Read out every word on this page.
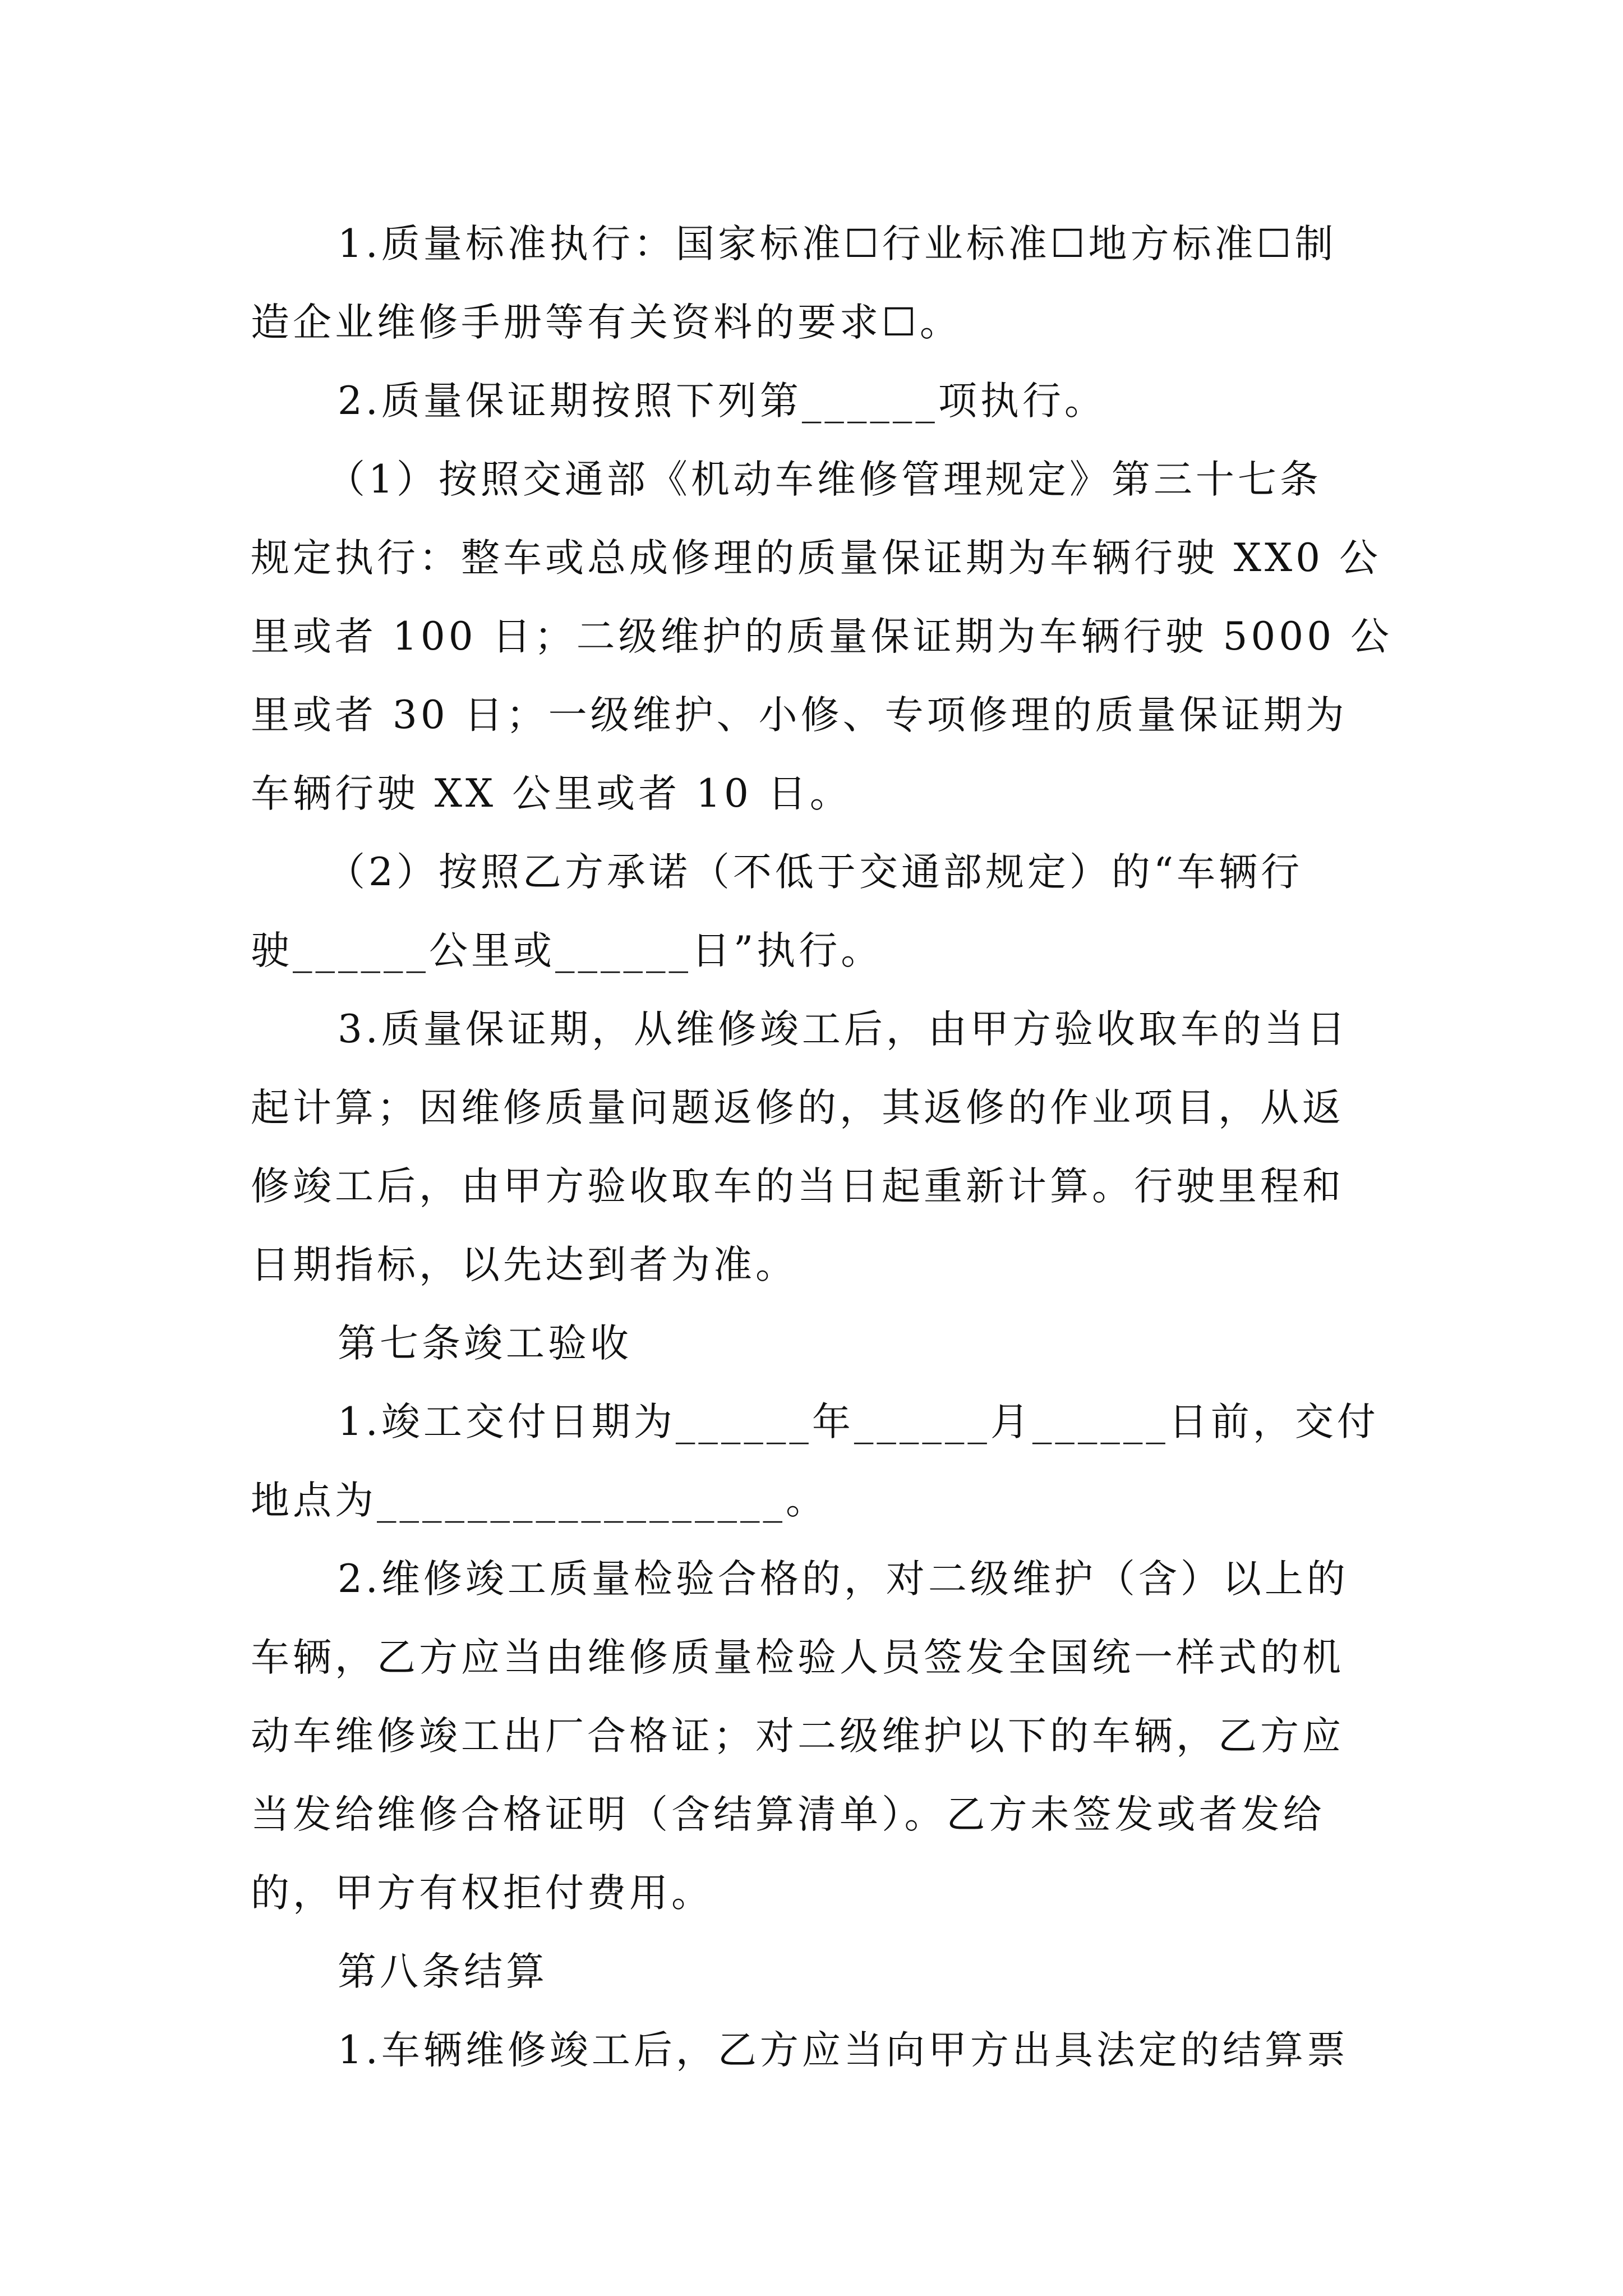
1.质量标准执行：国家标准☐行业标准☐地方标准☐制
造企业维修手册等有关资料的要求☐。
2.质量保证期按照下列第______项执行。
（1）按照交通部《机动车维修管理规定》第三十七条
规定执行：整车或总成修理的质量保证期为车辆行驶 XX0 公
里或者 100 日；二级维护的质量保证期为车辆行驶 5000 公
里或者 30 日；一级维护、小修、专项修理的质量保证期为
车辆行驶 XX 公里或者 10 日。
（2）按照乙方承诺（不低于交通部规定）的“车辆行
驶______公里或______日”执行。
3.质量保证期，从维修竣工后，由甲方验收取车的当日
起计算；因维修质量问题返修的，其返修的作业项目，从返
修竣工后，由甲方验收取车的当日起重新计算。行驶里程和
日期指标，以先达到者为准。
第七条竣工验收
1.竣工交付日期为______年______月______日前，交付
地点为__________________。
2.维修竣工质量检验合格的，对二级维护（含）以上的
车辆，乙方应当由维修质量检验人员签发全国统一样式的机
动车维修竣工出厂合格证；对二级维护以下的车辆，乙方应
当发给维修合格证明（含结算清单）。乙方未签发或者发给
的，甲方有权拒付费用。
第八条结算
1.车辆维修竣工后，乙方应当向甲方出具法定的结算票
